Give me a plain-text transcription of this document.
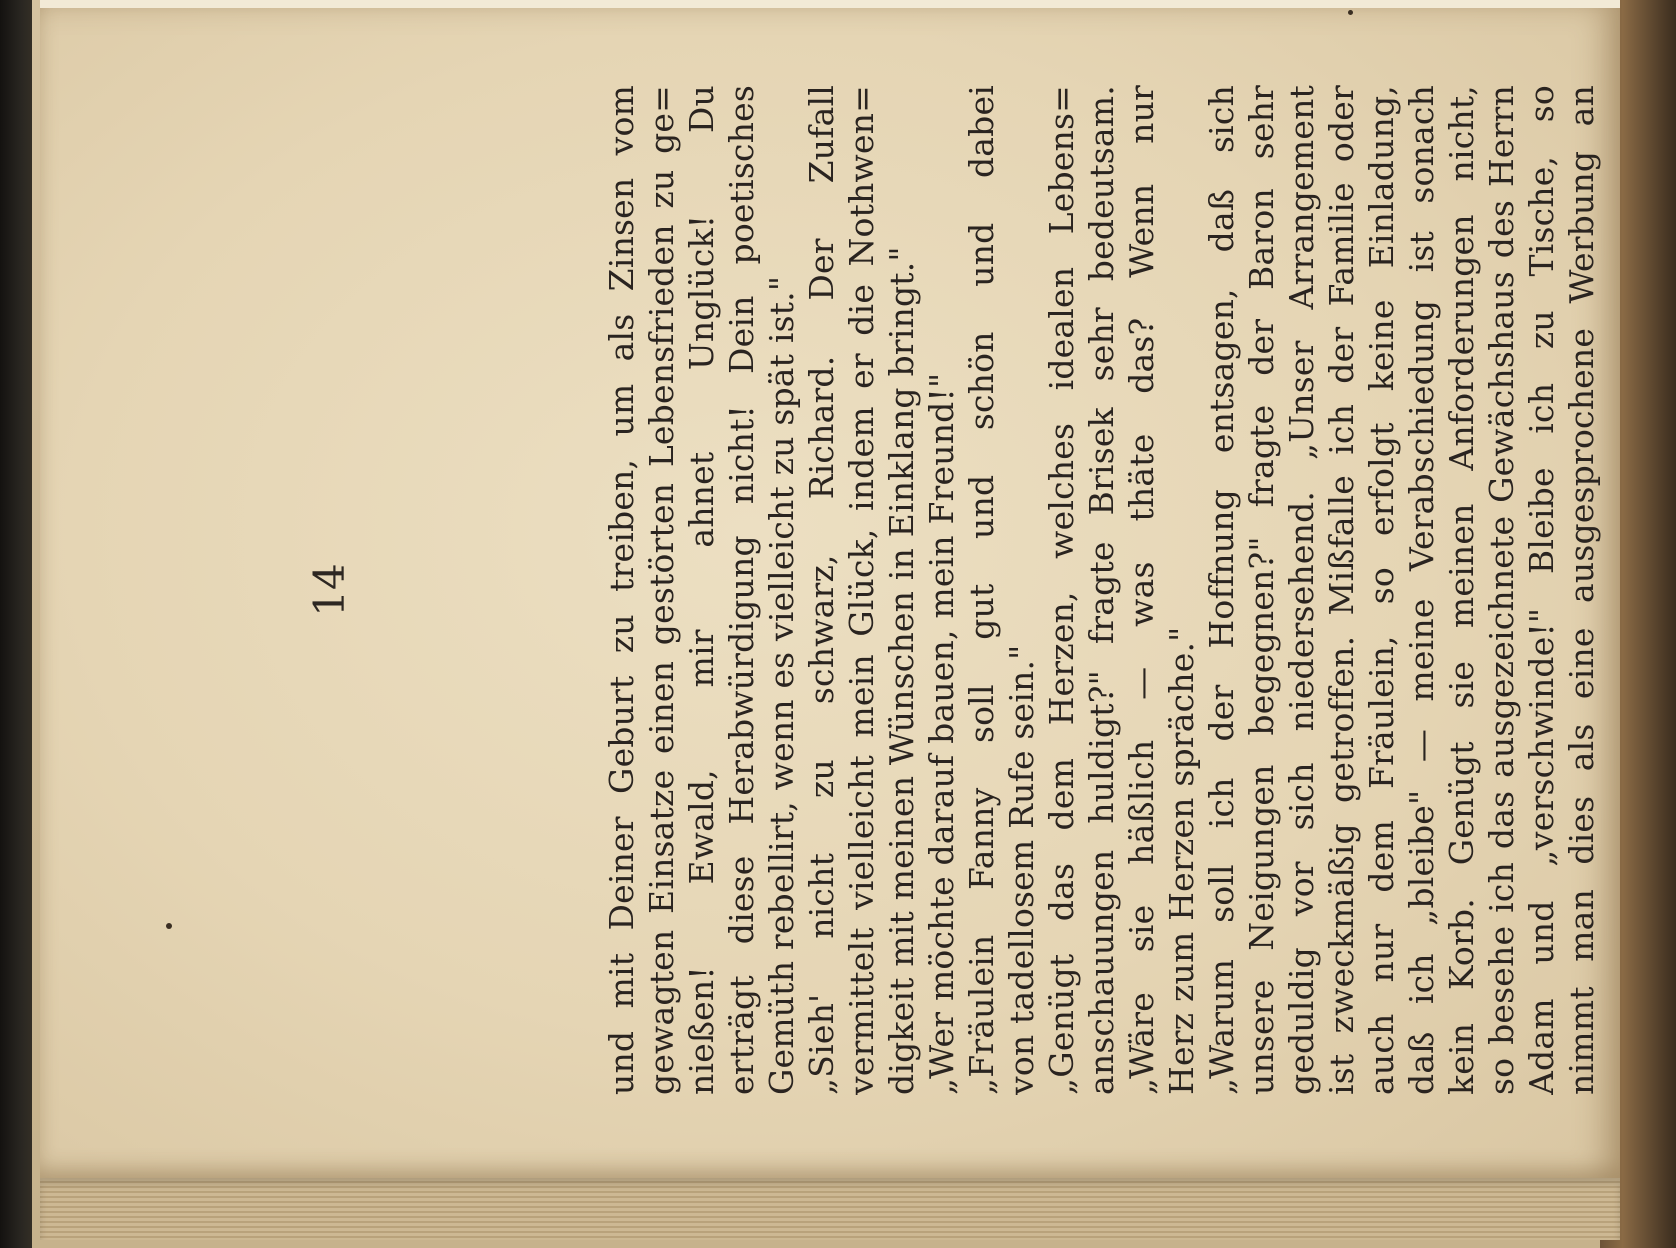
14	und mit Deiner Geburt zu treiben, um als Zinsen vom gewagten Einsatze einen gestörten Lebensfrieden zu ge= nießen! Ewald, mir ahnet Unglück! Du erträgt diese Herabwürdigung nicht! Dein poetisches Gemüth rebellirt, wenn es vielleicht zu spät ist." „Sieh' nicht zu schwarz, Richard. Der Zufall vermittelt vielleicht mein Glück, indem er die Nothwen= digkeit mit meinen Wünschen in Einklang bringt." „Wer möchte darauf bauen, mein Freund!" „Fräulein Fanny soll gut und schön und dabei von tadellosem Rufe sein." „Genügt das dem Herzen, welches idealen Lebens= anschauungen huldigt?" fragte Brisek sehr bedeutsam. „Wäre sie häßlich — was thäte das? Wenn nur Herz zum Herzen spräche." „Warum soll ich der Hoffnung entsagen, daß sich unsere Neigungen begegnen?" fragte der Baron sehr geduldig vor sich niedersehend. „Unser Arrangement ist zweckmäßig getroffen. Mißfalle ich der Familie oder auch nur dem Fräulein, so erfolgt keine Einladung, daß ich „bleibe" — meine Verabschiedung ist sonach kein Korb. Genügt sie meinen Anforderungen nicht, so besehe ich das ausgezeichnete Gewächshaus des Herrn Adam und „verschwinde!" Bleibe ich zu Tische, so nimmt man dies als eine ausgesprochene Werbung an
